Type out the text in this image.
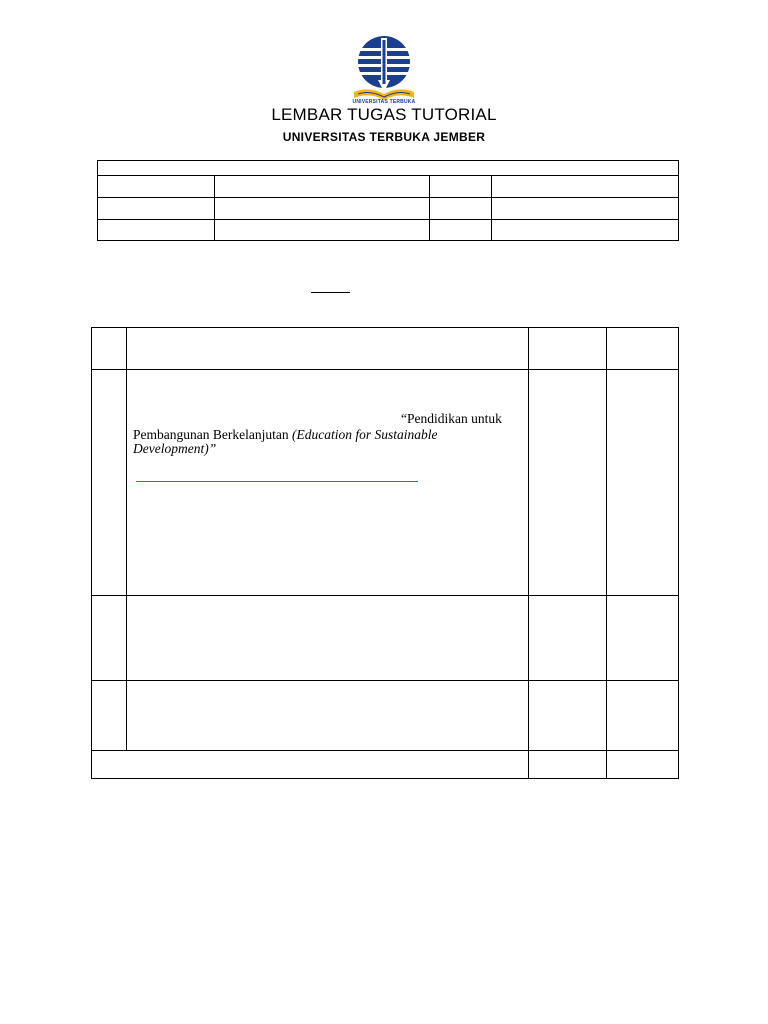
UNIVERSITAS TERBUKA
LEMBAR TUGAS TUTORIAL
UNIVERSITAS TERBUKA JEMBER
“Pendidikan untuk
Pembangunan Berkelanjutan (Education for Sustainable
Development)”
